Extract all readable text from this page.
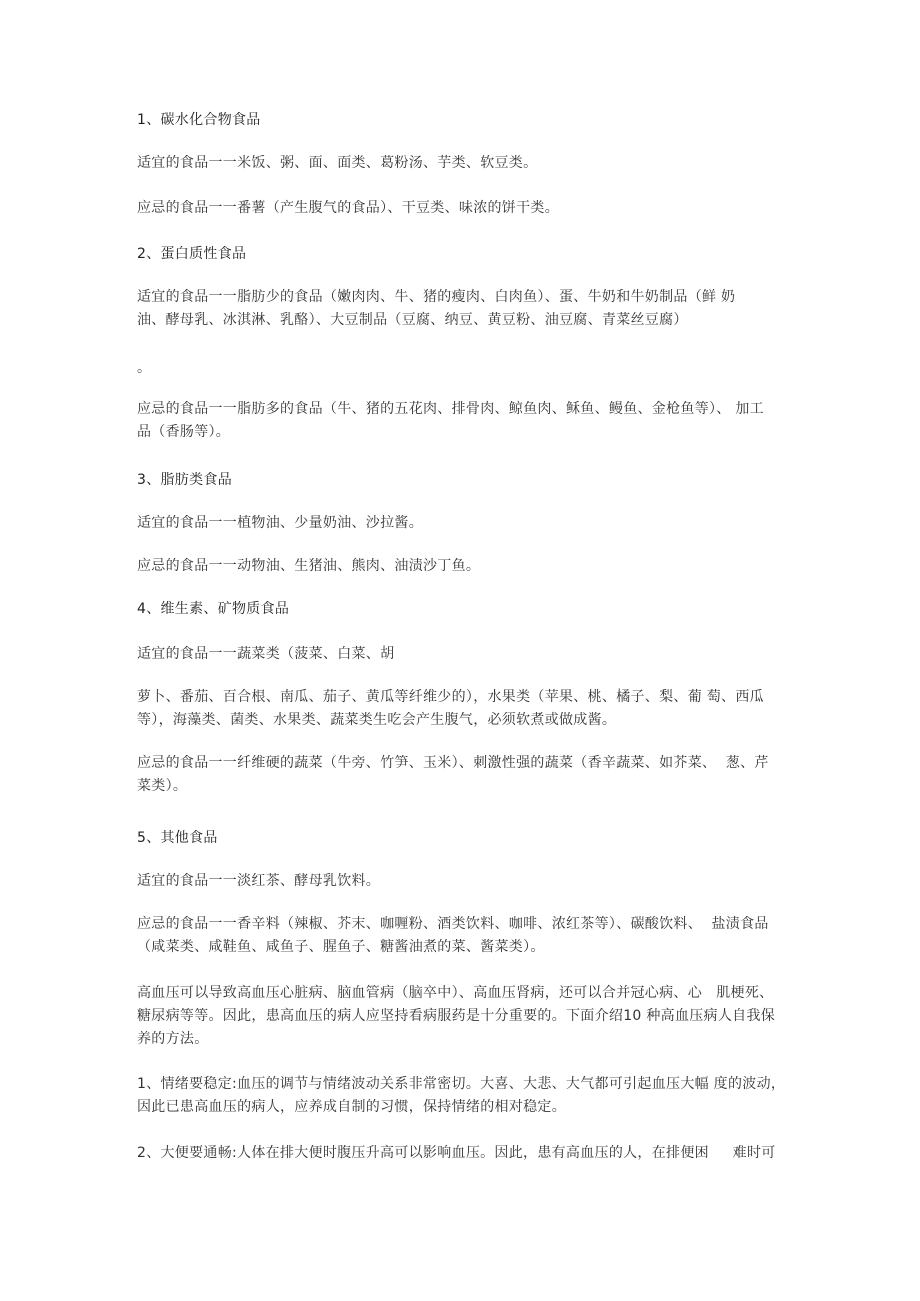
1、碳水化合物食品
适宜的食品一一米饭、粥、面、面类、葛粉汤、芋类、软豆类。
应忌的食品一一番薯（产生腹气的食品）、干豆类、味浓的饼干类。
2、蛋白质性食品
适宜的食品一一脂肪少的食品（嫩肉肉、牛、猪的瘦肉、白肉鱼）、蛋、牛奶和牛奶制品（鲜 奶
油、酵母乳、冰淇淋、乳酪）、大豆制品（豆腐、纳豆、黄豆粉、油豆腐、青菜丝豆腐）
。
应忌的食品一一脂肪多的食品（牛、猪的五花肉、排骨肉、鲸鱼肉、稣鱼、鳗鱼、金枪鱼等）、 加工
品（香肠等）。
3、脂肪类食品
适宜的食品一一植物油、少量奶油、沙拉酱。
应忌的食品一一动物油、生猪油、熊肉、油渍沙丁鱼。
4、维生素、矿物质食品
适宜的食品一一蔬菜类（菠菜、白菜、胡
萝卜、番茄、百合根、南瓜、茄子、黄瓜等纤维少的），水果类（苹果、桃、橘子、梨、葡 萄、西瓜
等），海藻类、菌类、水果类、蔬菜类生吃会产生腹气，必须软煮或做成酱。
应忌的食品一一纤维硬的蔬菜（牛旁、竹笋、玉米）、刺激性强的蔬菜（香辛蔬菜、如芥菜、  葱、芹
菜类）。
5、其他食品
适宜的食品一一淡红茶、酵母乳饮料。
应忌的食品一一香辛料（辣椒、芥末、咖喱粉、酒类饮料、咖啡、浓红茶等）、碳酸饮料、  盐渍食品
（咸菜类、咸鞋鱼、咸鱼子、腥鱼子、糖酱油煮的菜、酱菜类）。
高血压可以导致高血压心脏病、脑血管病（脑卒中）、高血压肾病，还可以合并冠心病、心   肌梗死、
糖尿病等等。因此，患高血压的病人应坚持看病服药是十分重要的。下面介绍10 种高血压病人自我保
养的方法。
1、情绪要稳定:血压的调节与情绪波动关系非常密切。大喜、大悲、大气都可引起血压大幅 度的波动，
因此已患高血压的病人，应养成自制的习惯，保持情绪的相对稳定。
2、大便要通畅:人体在排大便时腹压升高可以影响血压。因此，患有高血压的人，在排便困     难时可
